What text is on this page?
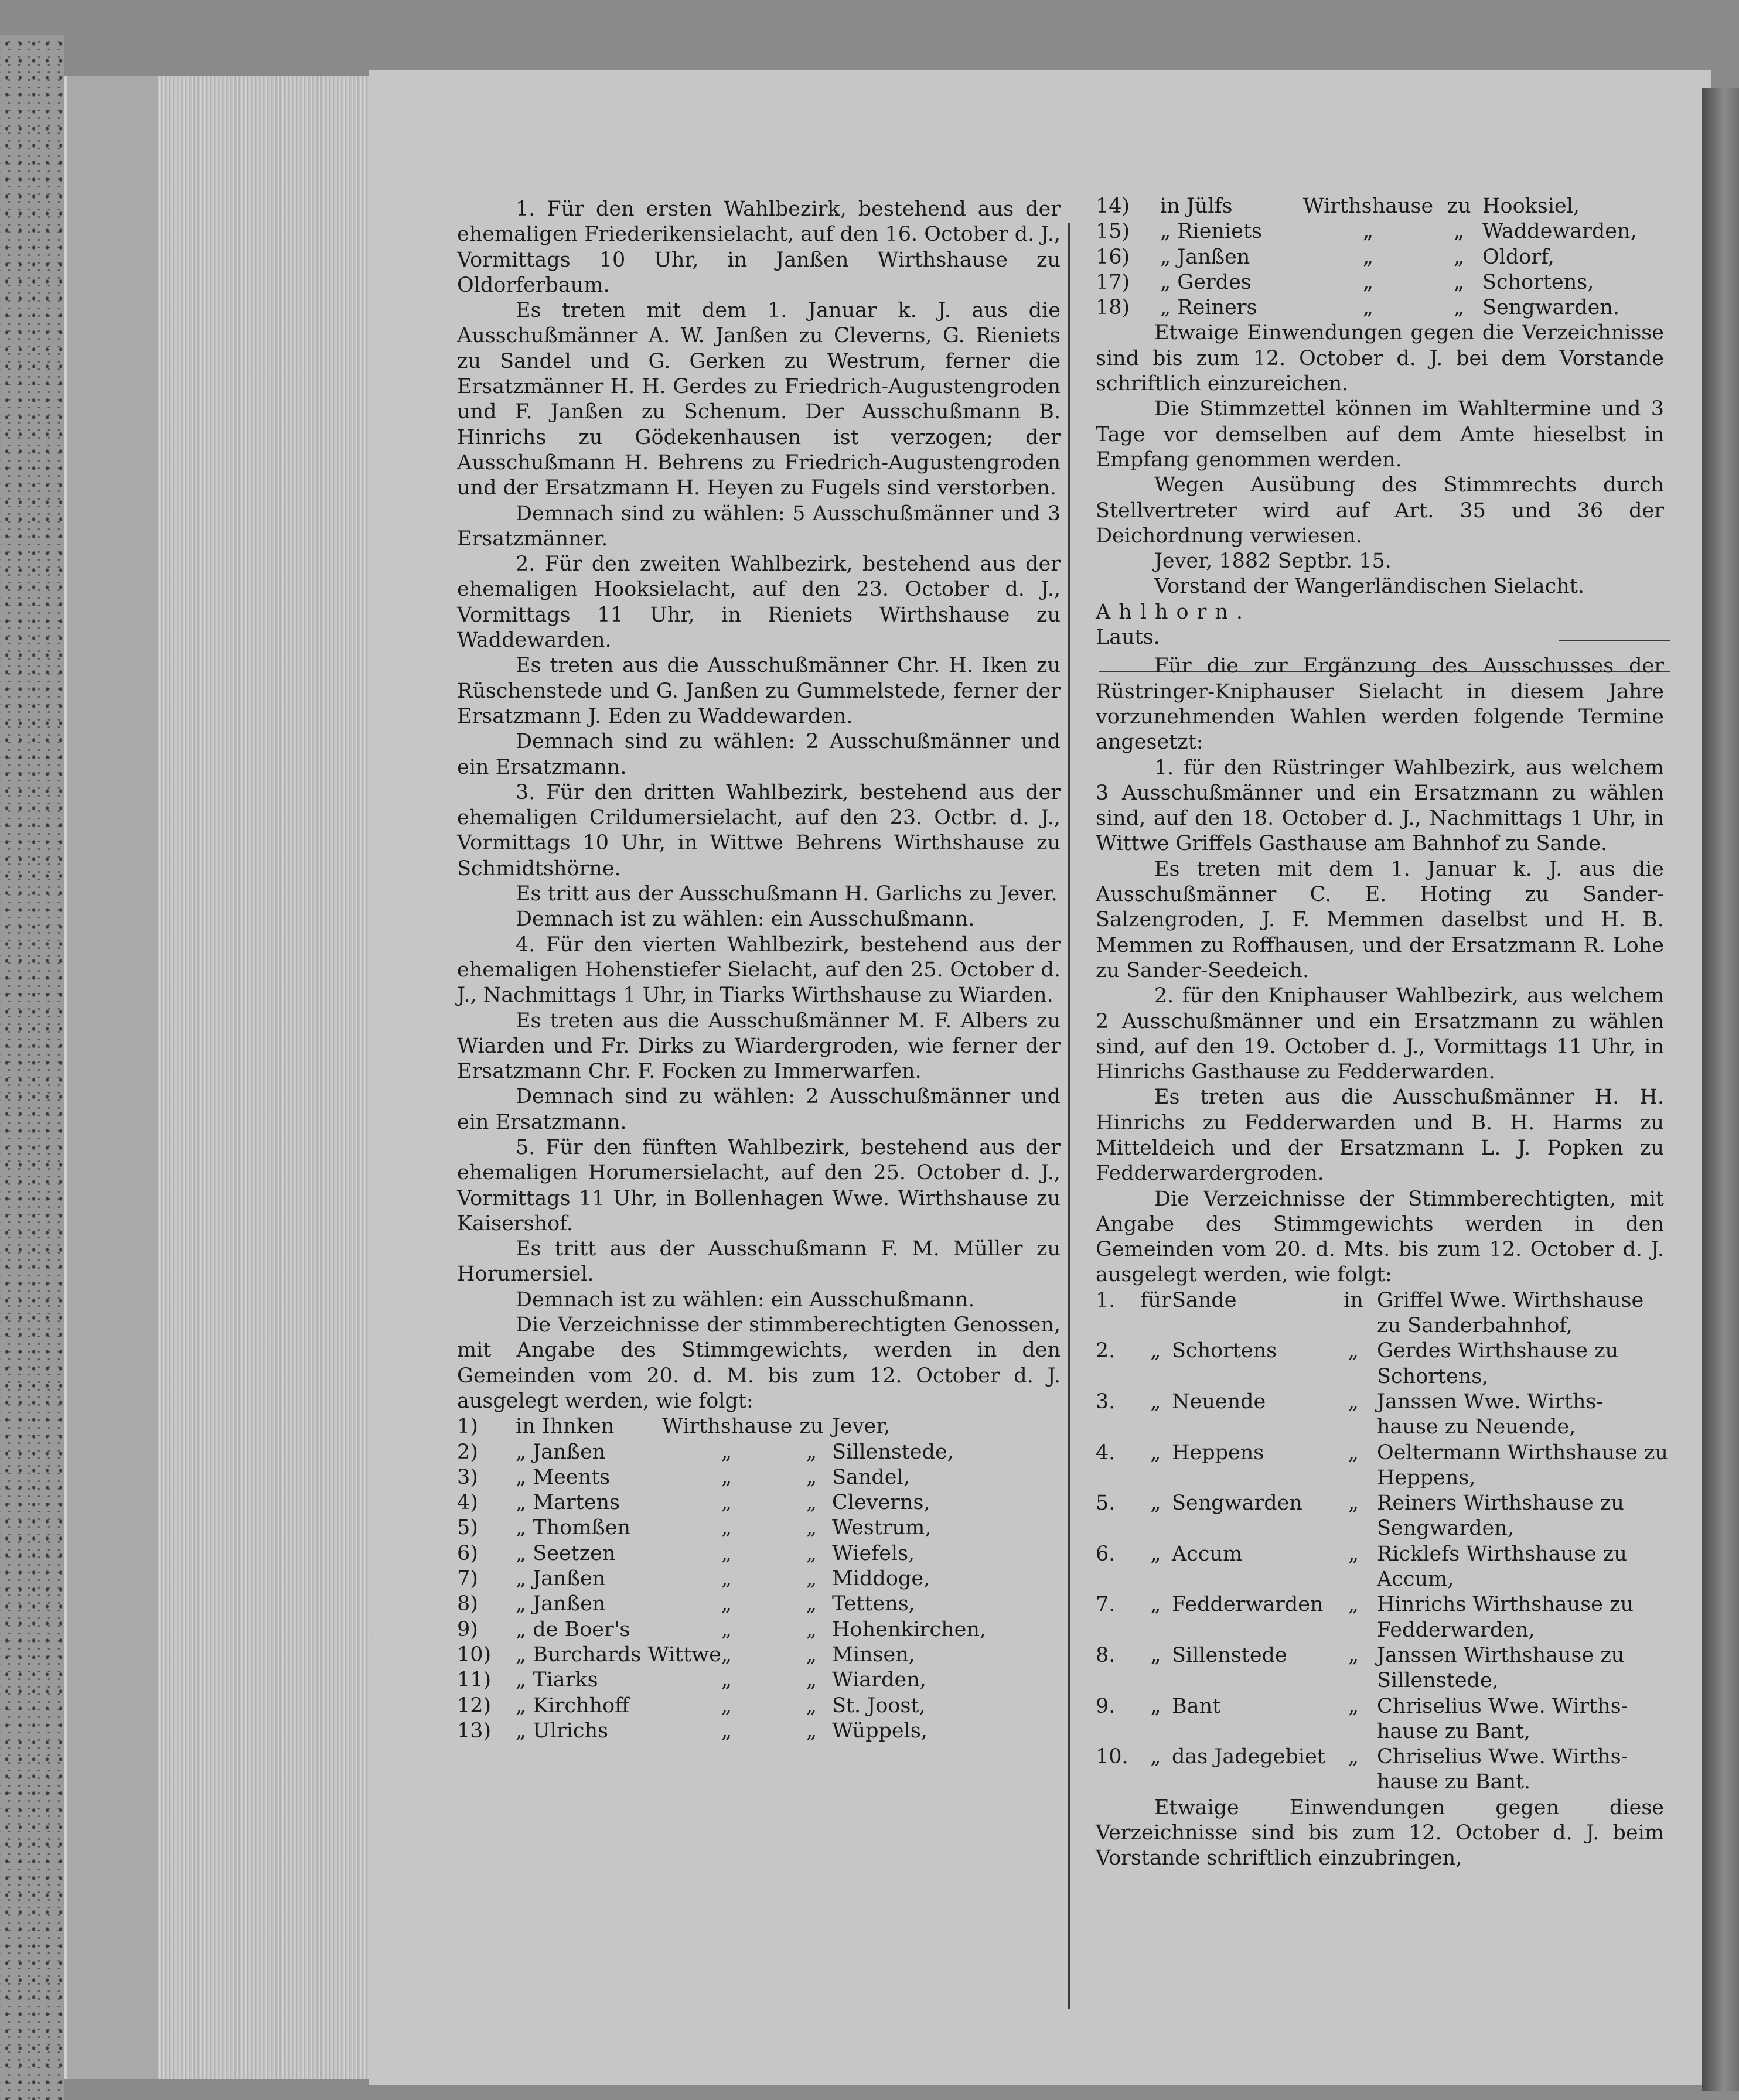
1. Für den ersten Wahlbezirk, bestehend aus der ehemaligen Friederikensielacht, auf den 16. October d. J., Vormittags 10 Uhr, in Janßen Wirthshause zu Oldorferbaum.

Es treten mit dem 1. Januar k. J. aus die Ausschußmänner A. W. Janßen zu Cleverns, G. Rieniets zu Sandel und G. Gerken zu Westrum, ferner die Ersatzmänner H. H. Gerdes zu Friedrich-Augustengroden und F. Janßen zu Schenum. Der Ausschußmann B. Hinrichs zu Gödekenhausen ist verzogen; der Ausschußmann H. Behrens zu Friedrich-Augustengroden und der Ersatzmann H. Heyen zu Fugels sind verstorben.

Demnach sind zu wählen: 5 Ausschußmänner und 3 Ersatzmänner.

2. Für den zweiten Wahlbezirk, bestehend aus der ehemaligen Hooksielacht, auf den 23. October d. J., Vormittags 11 Uhr, in Rieniets Wirthshause zu Waddewarden.

Es treten aus die Ausschußmänner Chr. H. Iken zu Rüschenstede und G. Janßen zu Gummelstede, ferner der Ersatzmann J. Eden zu Waddewarden.

Demnach sind zu wählen: 2 Ausschußmänner und ein Ersatzmann.

3. Für den dritten Wahlbezirk, bestehend aus der ehemaligen Crildumersielacht, auf den 23. Octbr. d. J., Vormittags 10 Uhr, in Wittwe Behrens Wirthshause zu Schmidtshörne.

Es tritt aus der Ausschußmann H. Garlichs zu Jever.

Demnach ist zu wählen: ein Ausschußmann.

4. Für den vierten Wahlbezirk, bestehend aus der ehemaligen Hohenstiefer Sielacht, auf den 25. October d. J., Nachmittags 1 Uhr, in Tiarks Wirthshause zu Wiarden.

Es treten aus die Ausschußmänner M. F. Albers zu Wiarden und Fr. Dirks zu Wiardergroden, wie ferner der Ersatzmann Chr. F. Focken zu Immerwarfen.

Demnach sind zu wählen: 2 Ausschußmänner und ein Ersatzmann.

5. Für den fünften Wahlbezirk, bestehend aus der ehemaligen Horumersielacht, auf den 25. October d. J., Vormittags 11 Uhr, in Bollenhagen Wwe. Wirthshause zu Kaisershof.

Es tritt aus der Ausschußmann F. M. Müller zu Horumersiel.

Demnach ist zu wählen: ein Ausschußmann.

Die Verzeichnisse der stimmberechtigten Genossen, mit Angabe des Stimmgewichts, werden in den Gemeinden vom 20. d. M. bis zum 12. October d. J. ausgelegt werden, wie folgt:

1)	in Ihnken	Wirthshause zu Jever,
2)	„ Janßen	„	„ Sillenstede,
3)	„ Meents	„	„ Sandel,
4)	„ Martens	„	„ Cleverns,
5)	„ Thomßen	„	„ Westrum,
6)	„ Seetzen	„	„ Wiefels,
7)	„ Janßen	„	„ Middoge,
8)	„ Janßen	„	„ Tettens,
9)	„ de Boer's	„	„ Hohenkirchen,
10)	„ Burchards Wittwe „	„ Minsen,
11)	„ Tiarks	„	„ Wiarden,
12)	„ Kirchhoff	„	„ St. Joost,
13)	„ Ulrichs	„	„ Wüppels,
14)	in Jülfs	Wirthshause zu Hooksiel,
15)	„ Rieniets	„	„ Waddewarden,
16)	„ Janßen	„	„ Oldorf,
17)	„ Gerdes	„	„ Schortens,
18)	„ Reiners	„	„ Sengwarden.

Etwaige Einwendungen gegen die Verzeichnisse sind bis zum 12. October d. J. bei dem Vorstande schriftlich einzureichen.

Die Stimmzettel können im Wahltermine und 3 Tage vor demselben auf dem Amte hieselbst in Empfang genommen werden.

Wegen Ausübung des Stimmrechts durch Stellvertreter wird auf Art. 35 und 36 der Deichordnung verwiesen.

Jever, 1882 Septbr. 15.

Vorstand der Wangerländischen Sielacht.

Ahlhorn.

Lauts.

Für die zur Ergänzung des Ausschusses der Rüstringer-Kniphauser Sielacht in diesem Jahre vorzunehmenden Wahlen werden folgende Termine angesetzt:

1. für den Rüstringer Wahlbezirk, aus welchem 3 Ausschußmänner und ein Ersatzmann zu wählen sind, auf den 18. October d. J., Nachmittags 1 Uhr, in Wittwe Griffels Gasthause am Bahnhof zu Sande.

Es treten mit dem 1. Januar k. J. aus die Ausschußmänner C. E. Hoting zu Sander-Salzengroden, J. F. Memmen daselbst und H. B. Memmen zu Roffhausen, und der Ersatzmann R. Lohe zu Sander-Seedeich.

2. für den Kniphauser Wahlbezirk, aus welchem 2 Ausschußmänner und ein Ersatzmann zu wählen sind, auf den 19. October d. J., Vormittags 11 Uhr, in Hinrichs Gasthause zu Fedderwarden.

Es treten aus die Ausschußmänner H. H. Hinrichs zu Fedderwarden und B. H. Harms zu Mitteldeich und der Ersatzmann L. J. Popken zu Fedderwardergroden.

Die Verzeichnisse der Stimmberechtigten, mit Angabe des Stimmgewichts werden in den Gemeinden vom 20. d. Mts. bis zum 12. October d. J. ausgelegt werden, wie folgt:

1.	für Sande	in Griffel Wwe. Wirthshause
zu Sanderbahnhof,
2.	„ Schortens	„ Gerdes Wirthshause zu
Schortens,
3.	„ Neuende	„ Janssen Wwe. Wirths-
hause zu Neuende,
4.	„ Heppens	„ Oeltermann Wirthshause zu
Heppens,
5.	„ Sengwarden	„ Reiners Wirthshause zu
Sengwarden,
6.	„ Accum	„ Ricklefs Wirthshause zu
Accum,
7.	„ Fedderwarden	„ Hinrichs Wirthshause zu
Fedderwarden,
8.	„ Sillenstede	„ Janssen Wirthshause zu
Sillenstede,
9.	„ Bant	„ Chriselius Wwe. Wirths-
hause zu Bant,
10.	„ das Jadegebiet	„ Chriselius Wwe. Wirths-
hause zu Bant.

Etwaige Einwendungen gegen diese Verzeichnisse sind bis zum 12. October d. J. beim Vorstande schriftlich einzubringen,
